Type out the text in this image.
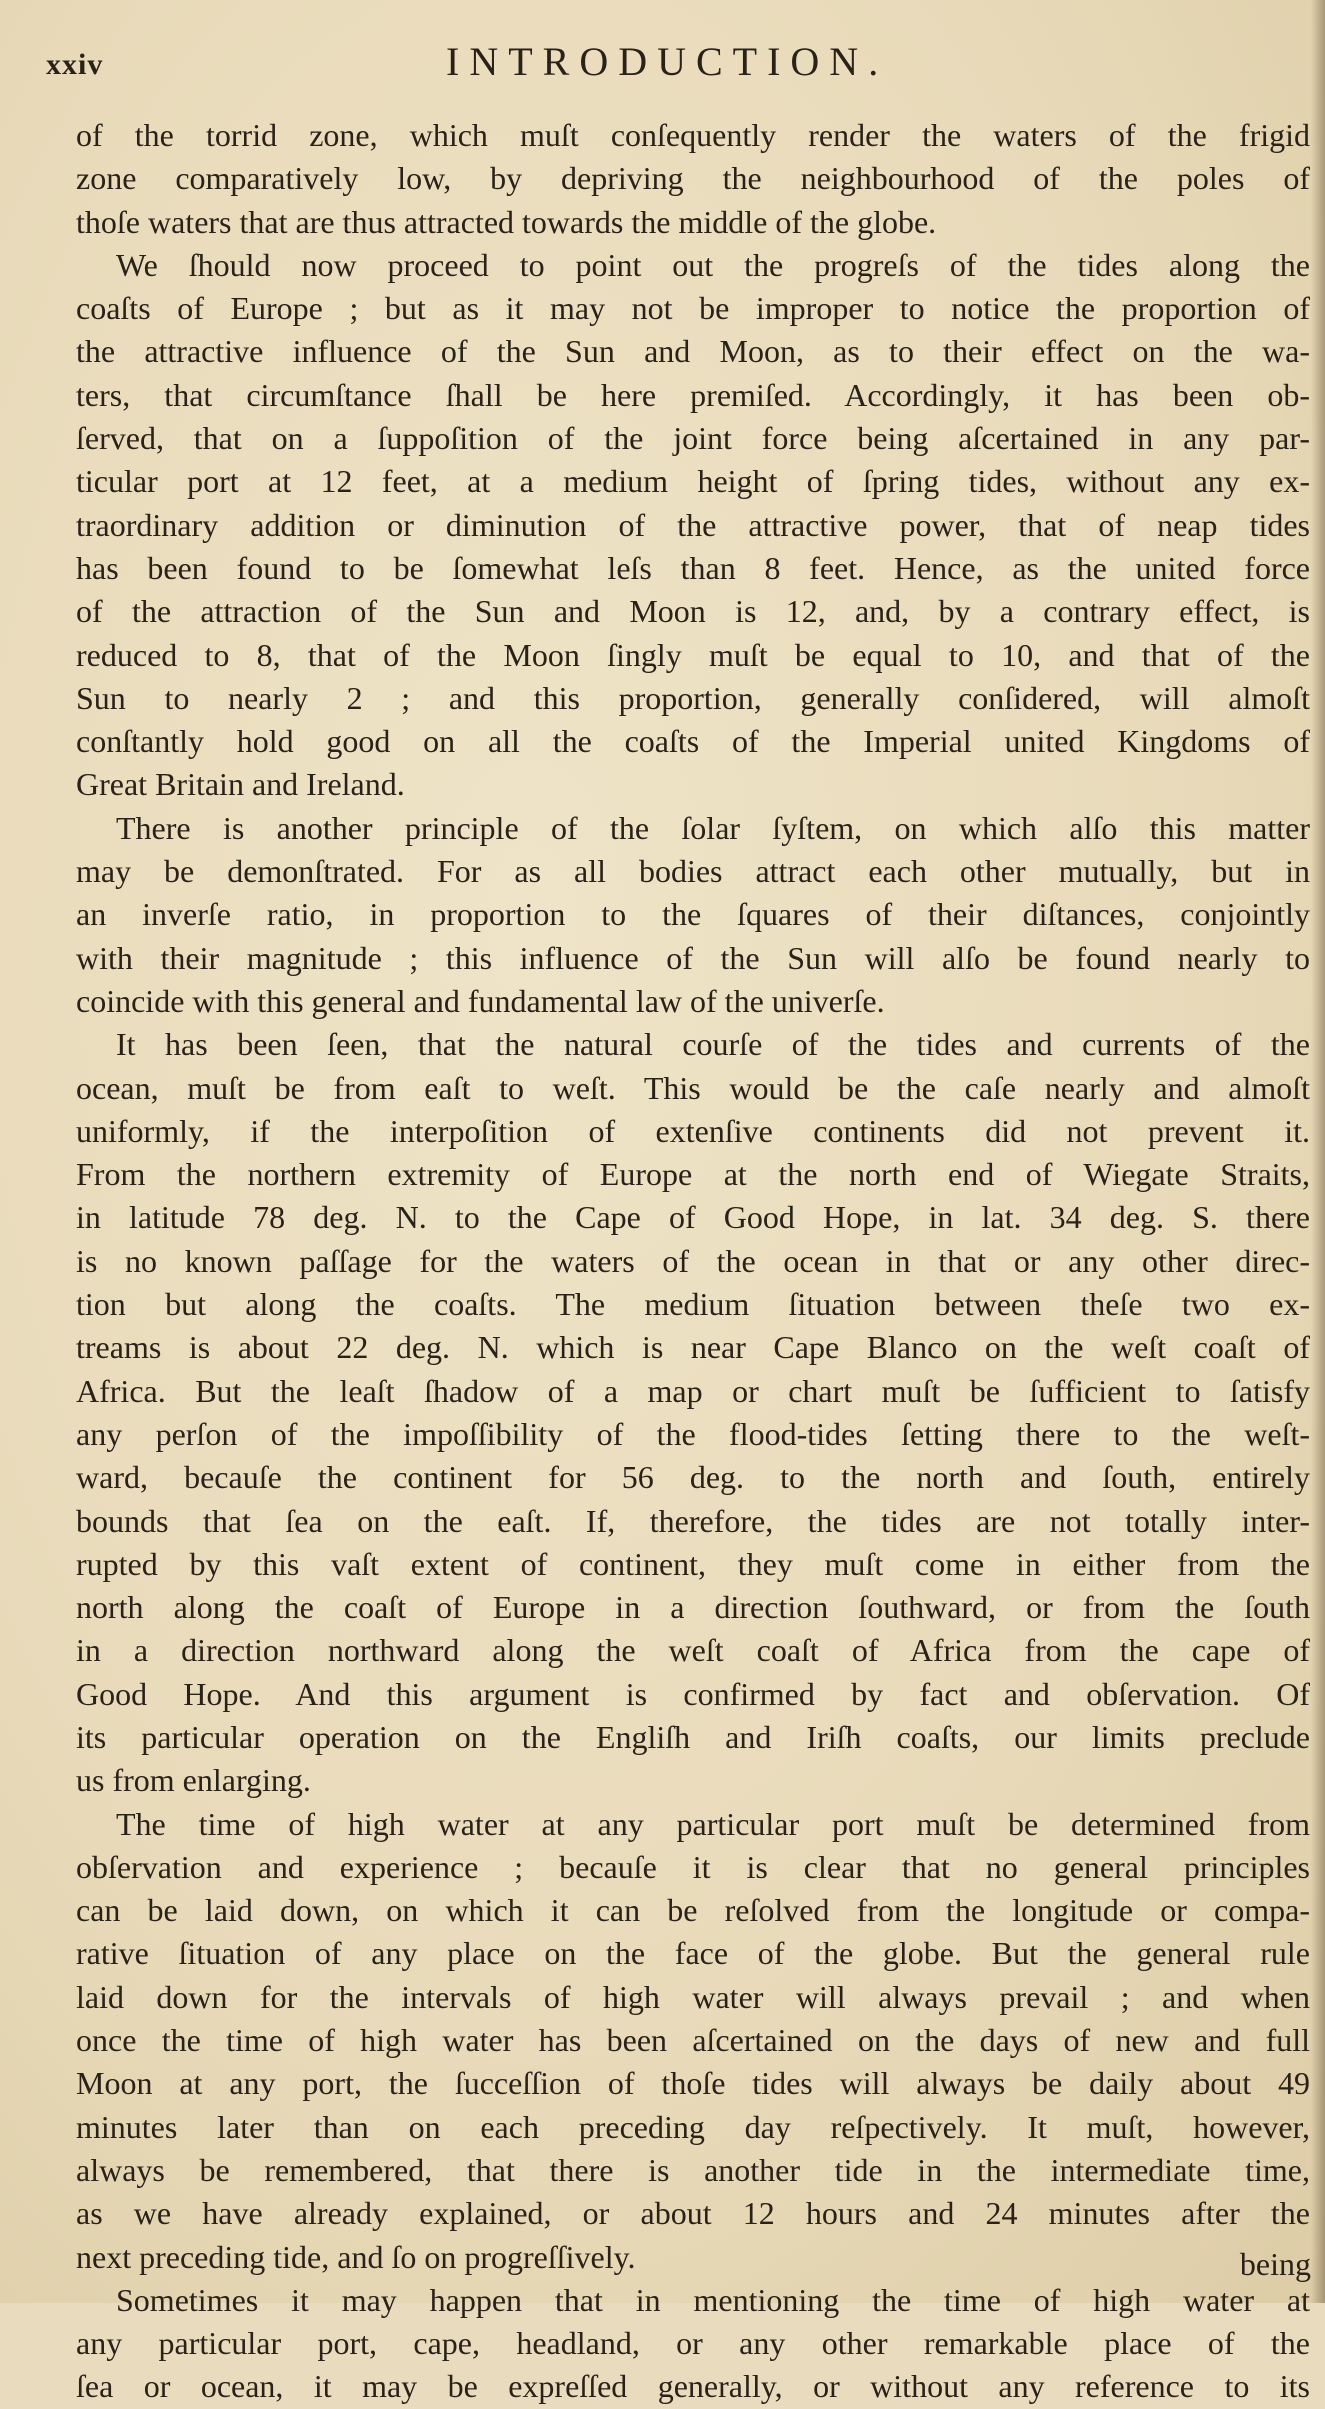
xxiv	INTRODUCTION.
of the torrid zone, which muſt conſequently render the waters of the frigid
zone comparatively low, by depriving the neighbourhood of the poles of
thoſe waters that are thus attracted towards the middle of the globe.
We ſhould now proceed to point out the progreſs of the tides along the
coaſts of Europe ; but as it may not be improper to notice the proportion of
the attractive influence of the Sun and Moon, as to their effect on the wa-
ters, that circumſtance ſhall be here premiſed. Accordingly, it has been ob-
ſerved, that on a ſuppoſition of the joint force being aſcertained in any par-
ticular port at 12 feet, at a medium height of ſpring tides, without any ex-
traordinary addition or diminution of the attractive power, that of neap tides
has been found to be ſomewhat leſs than 8 feet. Hence, as the united force
of the attraction of the Sun and Moon is 12, and, by a contrary effect, is
reduced to 8, that of the Moon ſingly muſt be equal to 10, and that of the
Sun to nearly 2 ; and this proportion, generally conſidered, will almoſt
conſtantly hold good on all the coaſts of the Imperial united Kingdoms of
Great Britain and Ireland.
There is another principle of the ſolar ſyſtem, on which alſo this matter
may be demonſtrated. For as all bodies attract each other mutually, but in
an inverſe ratio, in proportion to the ſquares of their diſtances, conjointly
with their magnitude ; this influence of the Sun will alſo be found nearly to
coincide with this general and fundamental law of the univerſe.
It has been ſeen, that the natural courſe of the tides and currents of the
ocean, muſt be from eaſt to weſt. This would be the caſe nearly and almoſt
uniformly, if the interpoſition of extenſive continents did not prevent it.
From the northern extremity of Europe at the north end of Wiegate Straits,
in latitude 78 deg. N. to the Cape of Good Hope, in lat. 34 deg. S. there
is no known paſſage for the waters of the ocean in that or any other direc-
tion but along the coaſts. The medium ſituation between theſe two ex-
treams is about 22 deg. N. which is near Cape Blanco on the weſt coaſt of
Africa. But the leaſt ſhadow of a map or chart muſt be ſufficient to ſatisfy
any perſon of the impoſſibility of the flood-tides ſetting there to the weſt-
ward, becauſe the continent for 56 deg. to the north and ſouth, entirely
bounds that ſea on the eaſt. If, therefore, the tides are not totally inter-
rupted by this vaſt extent of continent, they muſt come in either from the
north along the coaſt of Europe in a direction ſouthward, or from the ſouth
in a direction northward along the weſt coaſt of Africa from the cape of
Good Hope. And this argument is confirmed by fact and obſervation. Of
its particular operation on the Engliſh and Iriſh coaſts, our limits preclude
us from enlarging.
The time of high water at any particular port muſt be determined from
obſervation and experience ; becauſe it is clear that no general principles
can be laid down, on which it can be reſolved from the longitude or compa-
rative ſituation of any place on the face of the globe. But the general rule
laid down for the intervals of high water will always prevail ; and when
once the time of high water has been aſcertained on the days of new and full
Moon at any port, the ſucceſſion of thoſe tides will always be daily about 49
minutes later than on each preceding day reſpectively. It muſt, however,
always be remembered, that there is another tide in the intermediate time,
as we have already explained, or about 12 hours and 24 minutes after the
next preceding tide, and ſo on progreſſively.
Sometimes it may happen that in mentioning the time of high water at
any particular port, cape, headland, or any other remarkable place of the
ſea or ocean, it may be expreſſed generally, or without any reference to its
being
